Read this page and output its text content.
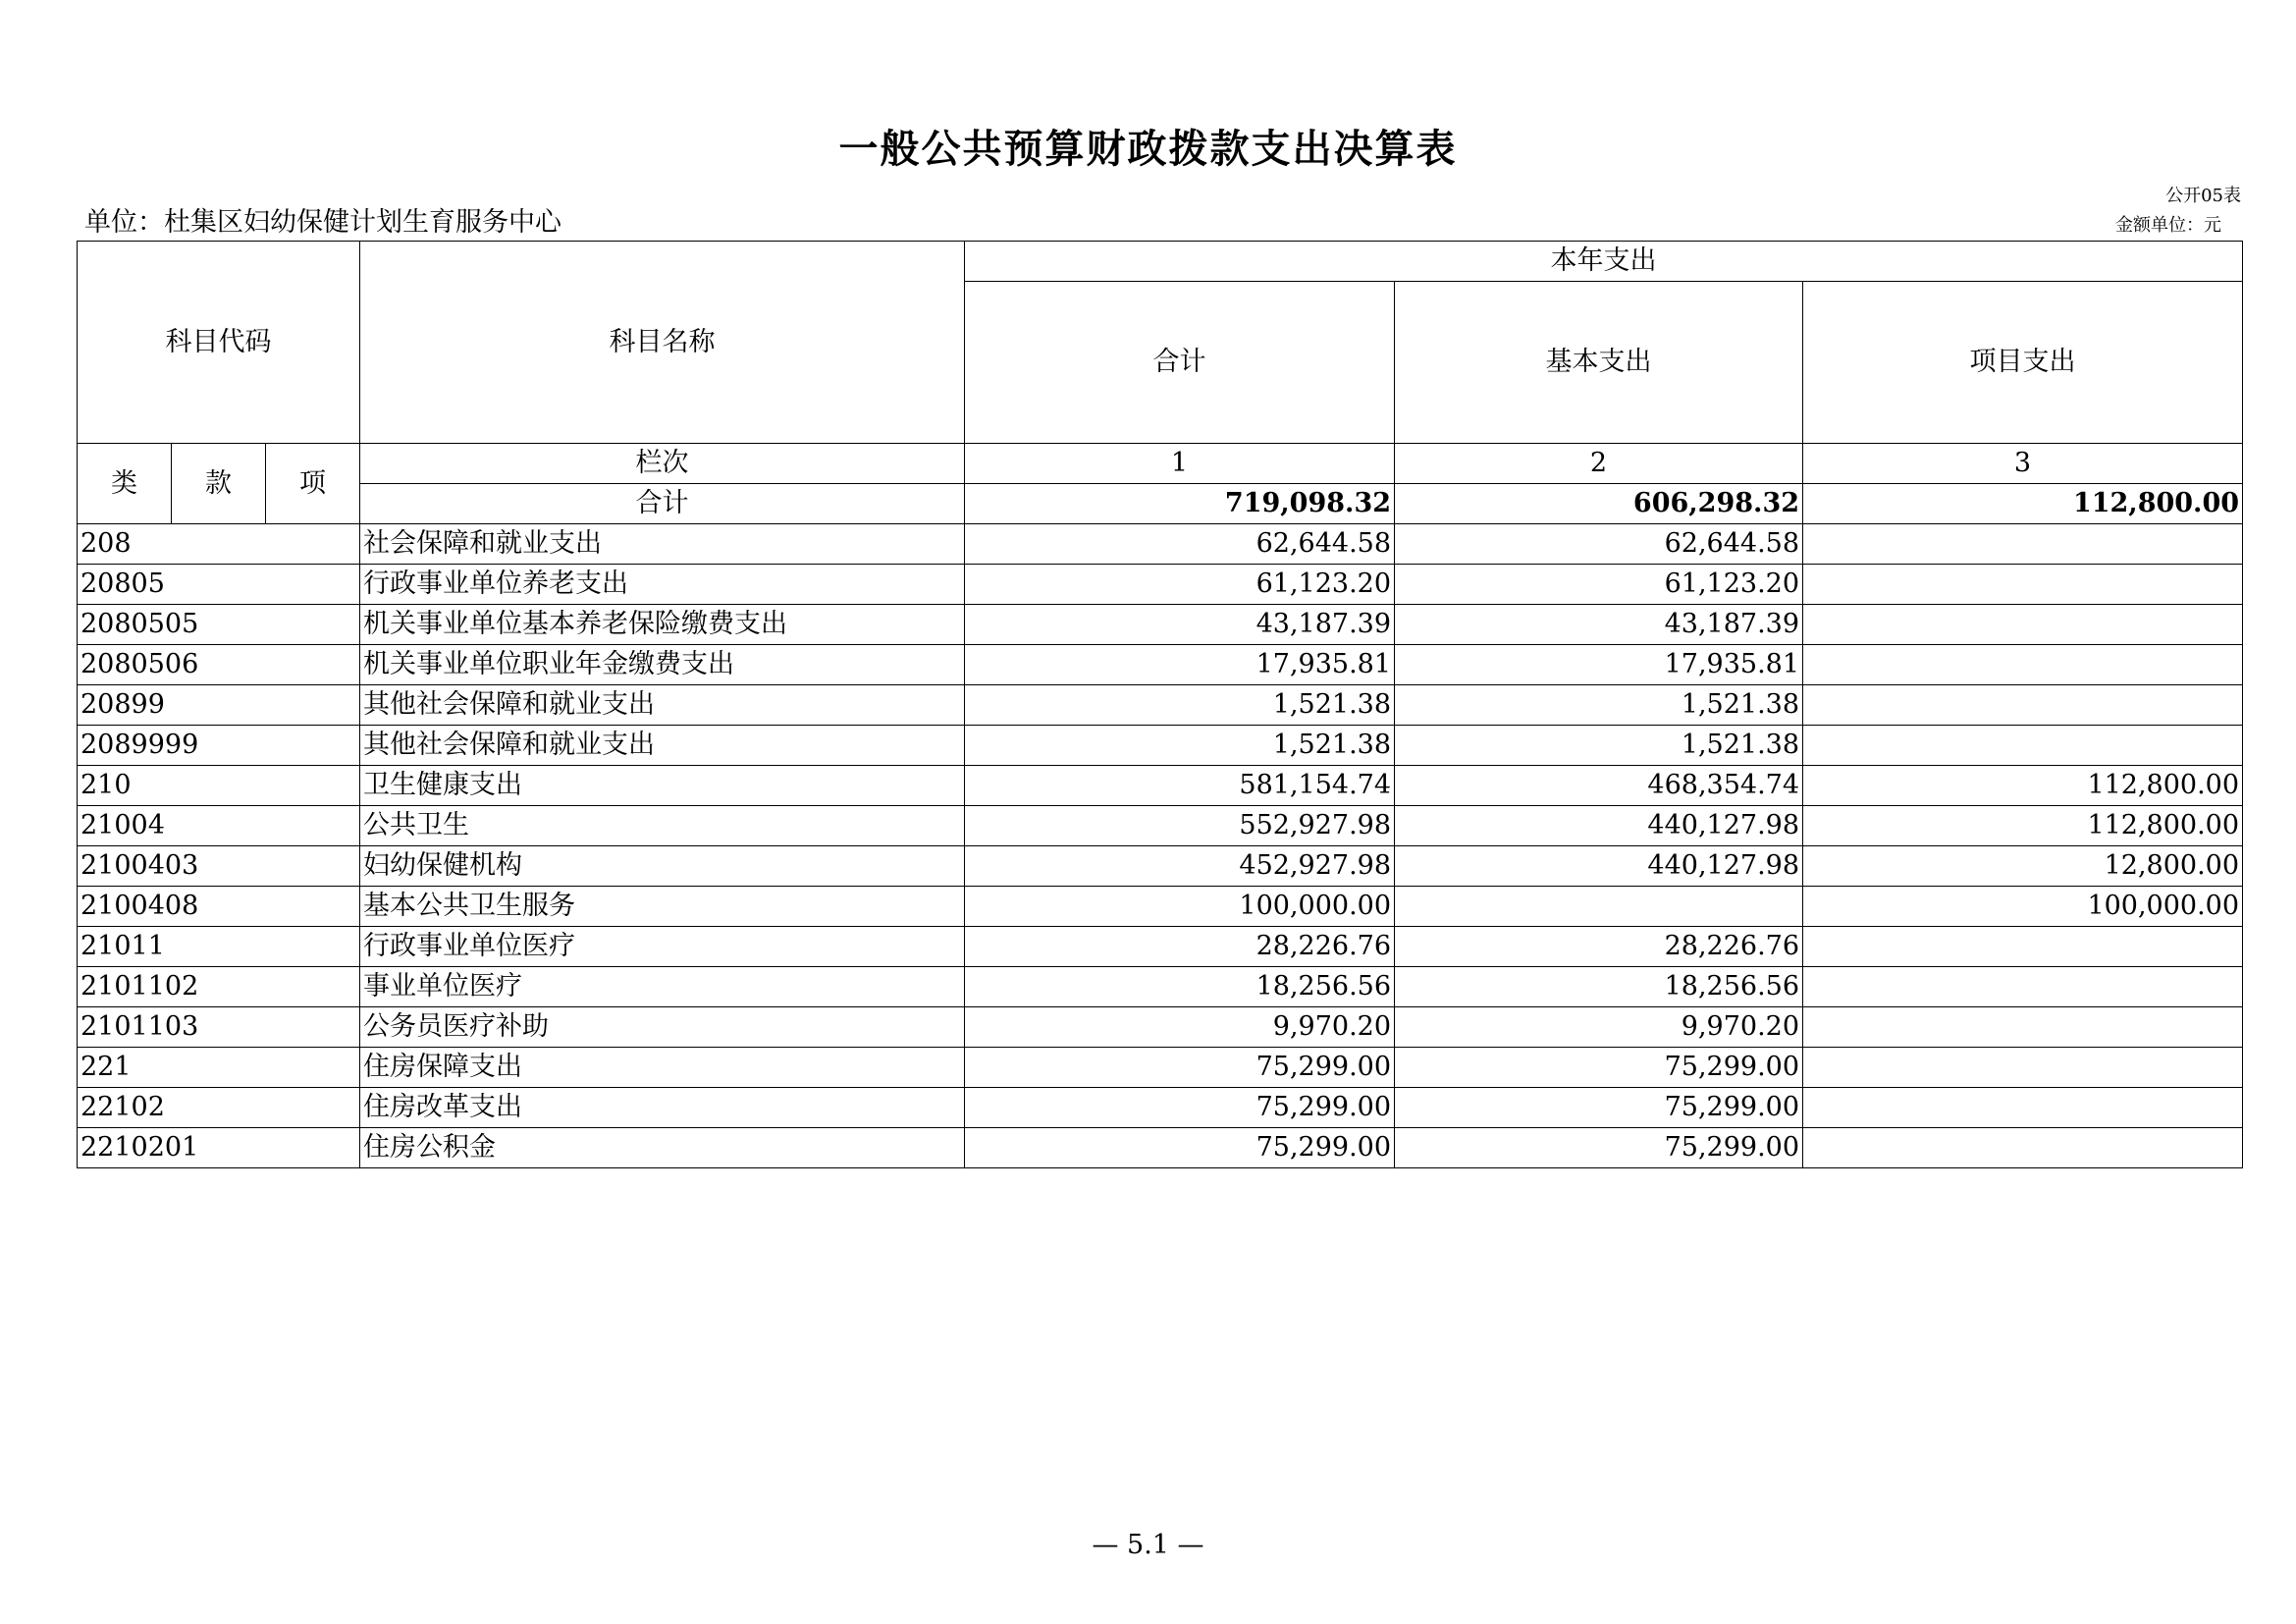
一般公共预算财政拨款支出决算表
公开05表
金额单位：元
单位：杜集区妇幼保健计划生育服务中心
科目代码			科目名称	本年支出		
				合计	基本支出	项目支出
类	款	项	栏次	1	2	3
			合计	719,098.32	606,298.32	112,800.00
208			社会保障和就业支出	62,644.58	62,644.58	
20805			行政事业单位养老支出	61,123.20	61,123.20	
2080505			机关事业单位基本养老保险缴费支出	43,187.39	43,187.39	
2080506			机关事业单位职业年金缴费支出	17,935.81	17,935.81	
20899			其他社会保障和就业支出	1,521.38	1,521.38	
2089999			其他社会保障和就业支出	1,521.38	1,521.38	
210			卫生健康支出	581,154.74	468,354.74	112,800.00
21004			公共卫生	552,927.98	440,127.98	112,800.00
2100403			妇幼保健机构	452,927.98	440,127.98	12,800.00
2100408			基本公共卫生服务	100,000.00		100,000.00
21011			行政事业单位医疗	28,226.76	28,226.76	
2101102			事业单位医疗	18,256.56	18,256.56	
2101103			公务员医疗补助	9,970.20	9,970.20	
221			住房保障支出	75,299.00	75,299.00	
22102			住房改革支出	75,299.00	75,299.00	
2210201			住房公积金	75,299.00	75,299.00	
— 5.1 —
